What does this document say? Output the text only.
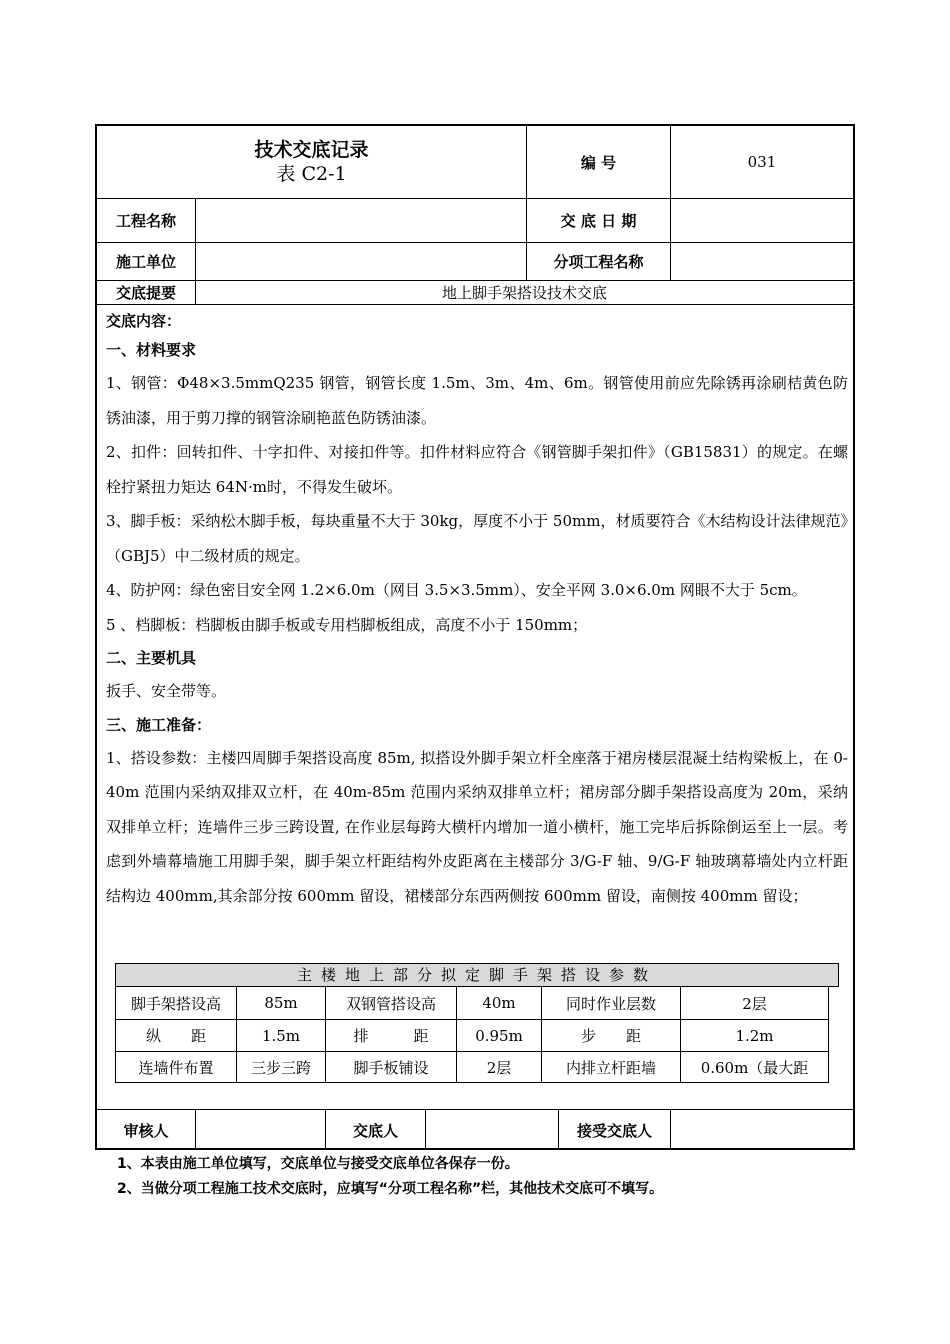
技术交底记录
表 C2-1
编 号	031
工程名称	交 底 日 期
施工单位	分项工程名称
交底提要	地上脚手架搭设技术交底
交底内容：
一、材料要求

1、钢管：Φ48×3.5mmQ235 钢管，钢管长度 1.5m、3m、4m、6m。钢管使用前应先除锈再涂刷桔黄色防锈油漆，用于剪刀撑的钢管涂刷艳蓝色防锈油漆。

2、扣件：回转扣件、十字扣件、对接扣件等。扣件材料应符合《钢管脚手架扣件》（GB15831）的规定。在螺栓拧紧扭力矩达 64N·m时，不得发生破坏。

3、脚手板：采纳松木脚手板，每块重量不大于 30kg，厚度不小于 50mm，材质要符合《木结构设计法律规范》（GBJ5）中二级材质的规定。

4、防护网：绿色密目安全网 1.2×6.0m（网目 3.5×3.5mm）、安全平网 3.0×6.0m 网眼不大于 5cm。

5 、档脚板：档脚板由脚手板或专用档脚板组成，高度不小于 150mm；

二、主要机具

扳手、安全带等。

三、施工准备：

1、搭设参数：主楼四周脚手架搭设高度 85m, 拟搭设外脚手架立杆全座落于裙房楼层混凝土结构梁板上，在 0-40m 范围内采纳双排双立杆，在 40m-85m 范围内采纳双排单立杆；裙房部分脚手架搭设高度为 20m，采纳双排单立杆；连墙件三步三跨设置, 在作业层每跨大横杆内增加一道小横杆，施工完毕后拆除倒运至上一层。考虑到外墙幕墙施工用脚手架，脚手架立杆距结构外皮距离在主楼部分 3/G-F 轴、9/G-F 轴玻璃幕墙处内立杆距结构边 400mm,其余部分按 600mm 留设，裙楼部分东西两侧按 600mm 留设，南侧按 400mm 留设；

主楼地上部分拟定脚手架搭设参数
脚手架搭设高	85m	双钢管搭设高	40m	同时作业层数	2层
纵　　距	1.5m	排　　　距	0.95m	步　　距	1.2m
连墙件布置	三步三跨	脚手板铺设	2层	内排立杆距墙	0.60m（最大距
审核人	交底人	接受交底人
1、本表由施工单位填写，交底单位与接受交底单位各保存一份。
2、当做分项工程施工技术交底时，应填写“分项工程名称”栏，其他技术交底可不填写。
